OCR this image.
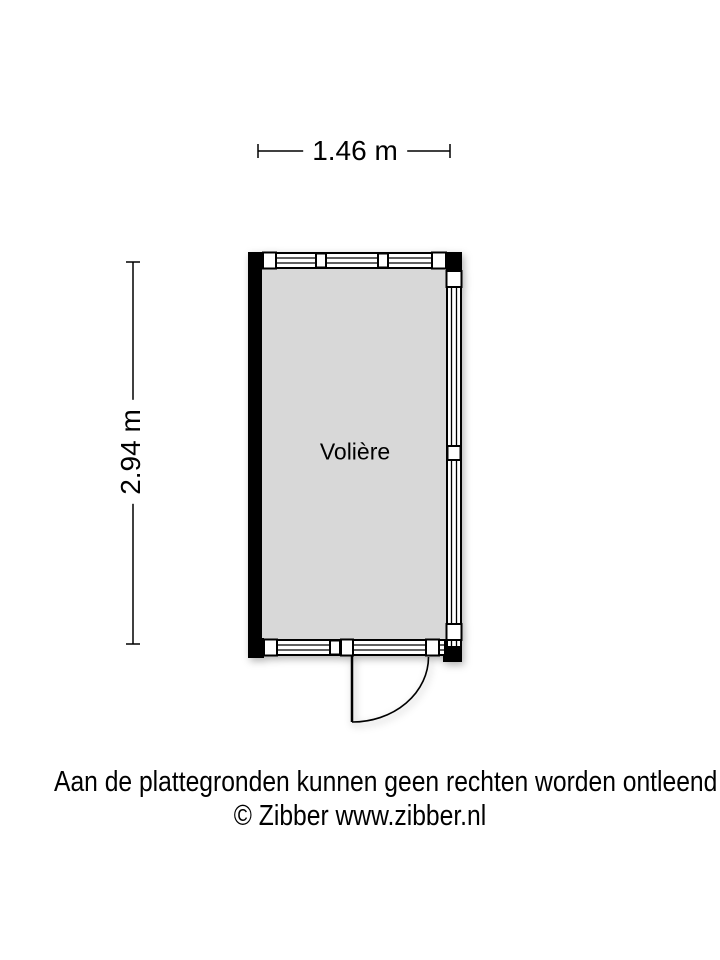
1.46 m
2.94 m	Volière
Aan de plattegronden kunnen geen rechten worden ontleend
© Zibber www.zibber.nl
